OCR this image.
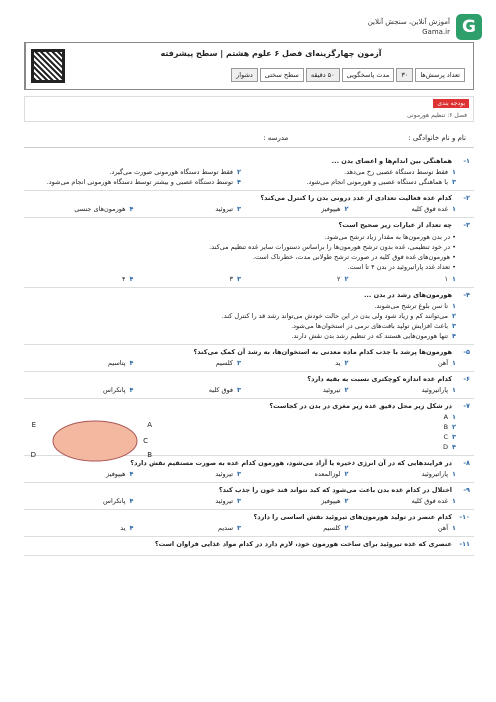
G
آموزش آنلاین، سنجش آنلاین
Gama.ir
آزمون چهارگزینه‌ای فصل ۶ علوم هشتم | سطح پیشرفته
تعداد پرسش‌ها
۳۰
مدت پاسخگویی
۵۰ دقیقه
سطح سختی
دشوار
بودجه بندی
فصل ۶: تنظیم هورمونی
نام و نام خانوادگی :
مدرسه :
۱-
هماهنگی بین اندام‌ها و اعضای بدن ...
۱
فقط توسط دستگاه عصبی رخ می‌دهد.
۲
فقط توسط دستگاه هورمونی صورت می‌گیرد.
۳
با هماهنگی دستگاه عصبی و هورمونی انجام می‌شود.
۴
توسط دستگاه عصبی و بیشتر توسط دستگاه هورمونی انجام می‌شود.
۲-
کدام غده فعالیت تعدادی از غدد درونی بدن را کنترل می‌کند؟
۱
غده فوق کلیه
۲
هیپوفیز
۳
تیروئید
۴
هورمون‌های جنسی
۳-
چه تعداد از عبارات زیر صحیح است؟
• در بدن هورمون‌ها به مقدار زیاد ترشح می‌شود.
• در خود تنظیمی، غده بدون ترشح هورمون‌ها را براساس دستورات سایر غده تنظیم می‌کند.
• هورمون‌های غده فوق کلیه در صورت ترشح طولانی مدت، خطرناک است.
• تعداد غدد پاراتیروئید در بدن ۴ تا است.
۱
۱
۲
۲
۳
۳
۴
۴
۴-
هورمون‌های رشد در بدن ...
۱
تا سن بلوغ ترشح می‌شوند.
۲
می‌توانند کم و زیاد شود ولی بدن در این حالت خودش می‌تواند رشد قد را کنترل کند.
۳
باعث افزایش تولید بافت‌های نرمی در استخوان‌ها می‌شود.
۴
تنها هورمون‌هایی هستند که در تنظیم رشد بدن نقش دارند.
۵-
هورمون‌ها پرشد با جذب کدام ماده معدنی به استخوان‌ها، به رشد آن کمک می‌کند؟
۱
آهن
۲
ید
۳
کلسیم
۴
پتاسیم
۶-
کدام غده اندازه کوچکتری نسبت به بقیه دارد؟
۱
پاراتیروئید
۲
تیروئید
۳
فوق کلیه
۴
پانکراس
۷-
در شکل زیر محل دقیق غده زیر مغزی در بدن در کجاست؟
۱
A
۲
B
۳
C
۴
D
E	A
D	B
C
۸-
در فرایندهایی که در آن انرژی ذخیره یا آزاد می‌شود، هورمون کدام غده به صورت مستقیم نقش دارد؟
۱
پاراتیروئید
۲
لوزالمعده
۳
تیروئید
۴
هیپوفیز
۹-
اختلال در کدام غده بدن باعث می‌شود که کبد نتواند قند خون را جذب کند؟
۱
غده فوق کلیه
۲
هیپوفیز
۳
تیروئید
۴
پانکراس
۱۰-
کدام عنصر در تولید هورمون‌های تیروئید نقش اساسی را دارد؟
۱
آهن
۲
کلسیم
۳
سدیم
۴
ید
۱۱-
عنصری که غده تیروئید برای ساخت هورمون خود، لازم دارد در کدام مواد غذایی فراوان است؟
